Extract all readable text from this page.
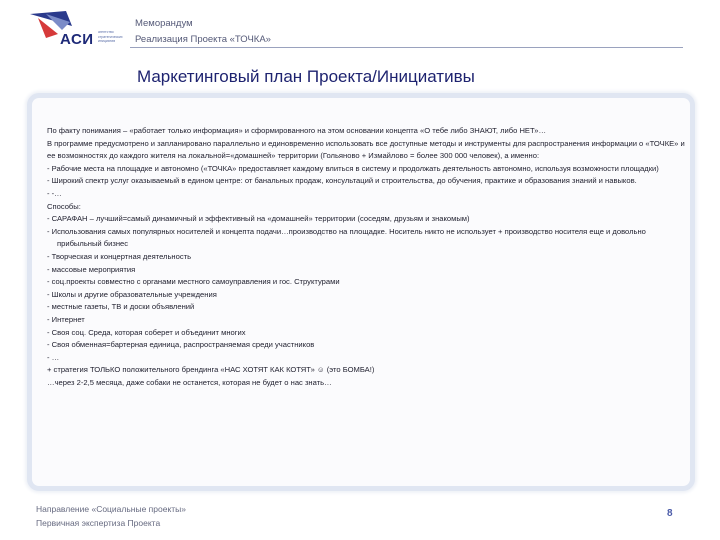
АСИ агентство стратегических инициатив
Меморандум
Реализация Проекта «ТОЧКА»
Маркетинговый план Проекта/Инициативы

По факту понимания – «работает только информация» и сформированного на этом основании концепта «О тебе либо ЗНАЮТ, либо НЕТ»…

В программе предусмотрено и запланировано параллельно и единовременно использовать все доступные методы и инструменты для распространения информации о «ТОЧКЕ» и ее возможностях до каждого жителя на локальной=«домашней» территории (Гольяново + Измайлово = более 300 000 человек), а именно:

- Рабочие места на площадке и автономно («ТОЧКА» предоставляет каждому влиться в систему и продолжать деятельность автономно, используя возможности площадки)

- Широкий спектр услуг оказываемый в едином центре: от банальных продаж, консультаций и строительства, до обучения, практике и образования знаний и навыков.

- -…

Способы:

- САРАФАН – лучший=самый динамичный и эффективный на «домашней» территории (соседям, друзьям и знакомым)

- Использования самых популярных носителей и концепта подачи…производство на площадке. Носитель никто не использует + производство носителя еще и довольно прибыльный бизнес

- Творческая и концертная деятельность

- массовые мероприятия

- соц.проекты совместно с органами местного самоуправления и гос. Структурами

- Школы и другие образовательные учреждения

- местные газеты, ТВ и доски объявлений

- Интернет

- Своя соц. Среда, которая соберет и объединит многих

- Своя обменная=бартерная единица, распространяемая среди участников

- …

+ стратегия ТОЛЬКО положительного брендинга «НАС ХОТЯТ КАК КОТЯТ» ☺ (это БОМБА!)

…через 2-2,5 месяца, даже собаки не останется, которая не будет о нас знать…

Направление «Социальные проекты»
Первичная экспертиза Проекта
8
